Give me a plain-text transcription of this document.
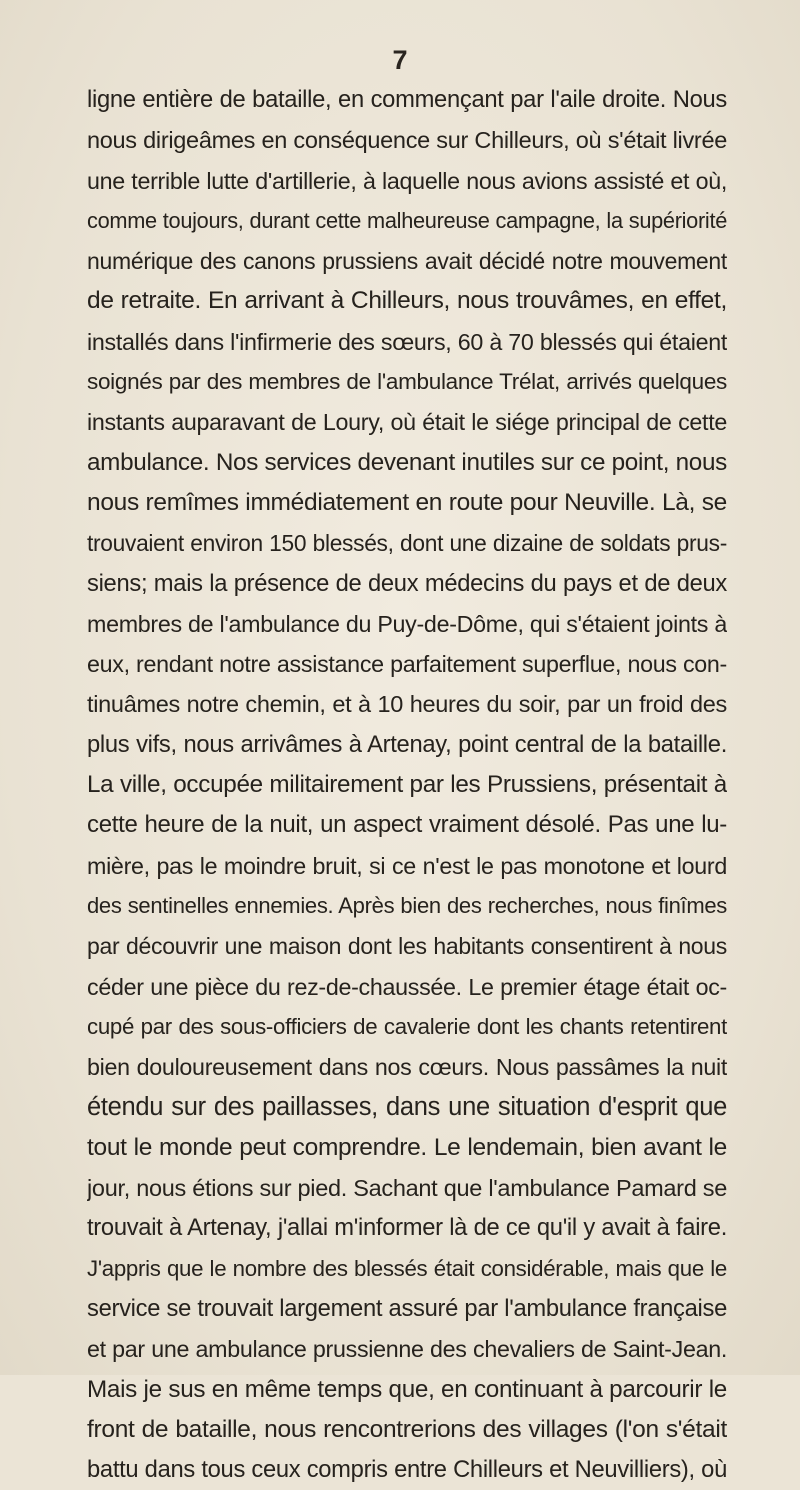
7
ligne entière de bataille, en commençant par l'aile droite. Nous
nous dirigeâmes en conséquence sur Chilleurs, où s'était livrée
une terrible lutte d'artillerie, à laquelle nous avions assisté et où,
comme toujours, durant cette malheureuse campagne, la supériorité
numérique des canons prussiens avait décidé notre mouvement
de retraite. En arrivant à Chilleurs, nous trouvâmes, en effet,
installés dans l'infirmerie des sœurs, 60 à 70 blessés qui étaient
soignés par des membres de l'ambulance Trélat, arrivés quelques
instants auparavant de Loury, où était le siége principal de cette
ambulance. Nos services devenant inutiles sur ce point, nous
nous remîmes immédiatement en route pour Neuville. Là, se
trouvaient environ 150 blessés, dont une dizaine de soldats prus-
siens; mais la présence de deux médecins du pays et de deux
membres de l'ambulance du Puy-de-Dôme, qui s'étaient joints à
eux, rendant notre assistance parfaitement superflue, nous con-
tinuâmes notre chemin, et à 10 heures du soir, par un froid des
plus vifs, nous arrivâmes à Artenay, point central de la bataille.
La ville, occupée militairement par les Prussiens, présentait à
cette heure de la nuit, un aspect vraiment désolé. Pas une lu-
mière, pas le moindre bruit, si ce n'est le pas monotone et lourd
des sentinelles ennemies. Après bien des recherches, nous finîmes
par découvrir une maison dont les habitants consentirent à nous
céder une pièce du rez-de-chaussée. Le premier étage était oc-
cupé par des sous-officiers de cavalerie dont les chants retentirent
bien douloureusement dans nos cœurs. Nous passâmes la nuit
étendu sur des paillasses, dans une situation d'esprit que
tout le monde peut comprendre. Le lendemain, bien avant le
jour, nous étions sur pied. Sachant que l'ambulance Pamard se
trouvait à Artenay, j'allai m'informer là de ce qu'il y avait à faire.
J'appris que le nombre des blessés était considérable, mais que le
service se trouvait largement assuré par l'ambulance française
et par une ambulance prussienne des chevaliers de Saint-Jean.
Mais je sus en même temps que, en continuant à parcourir le
front de bataille, nous rencontrerions des villages (l'on s'était
battu dans tous ceux compris entre Chilleurs et Neuvilliers), où
